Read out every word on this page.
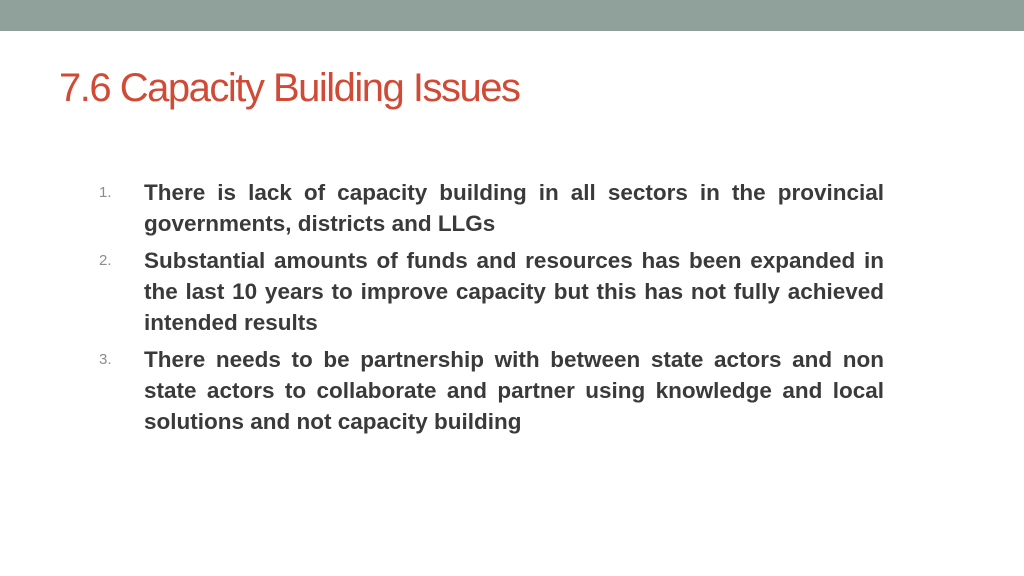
7.6 Capacity Building Issues
1.	There is lack of capacity building in all sectors in the provincial governments, districts and LLGs
2.	Substantial amounts of funds and resources has been expanded in the last 10 years to improve capacity but this has not fully achieved intended results
3.	There needs to be partnership with between state actors and non state actors to collaborate and partner using knowledge and local solutions and not capacity building
